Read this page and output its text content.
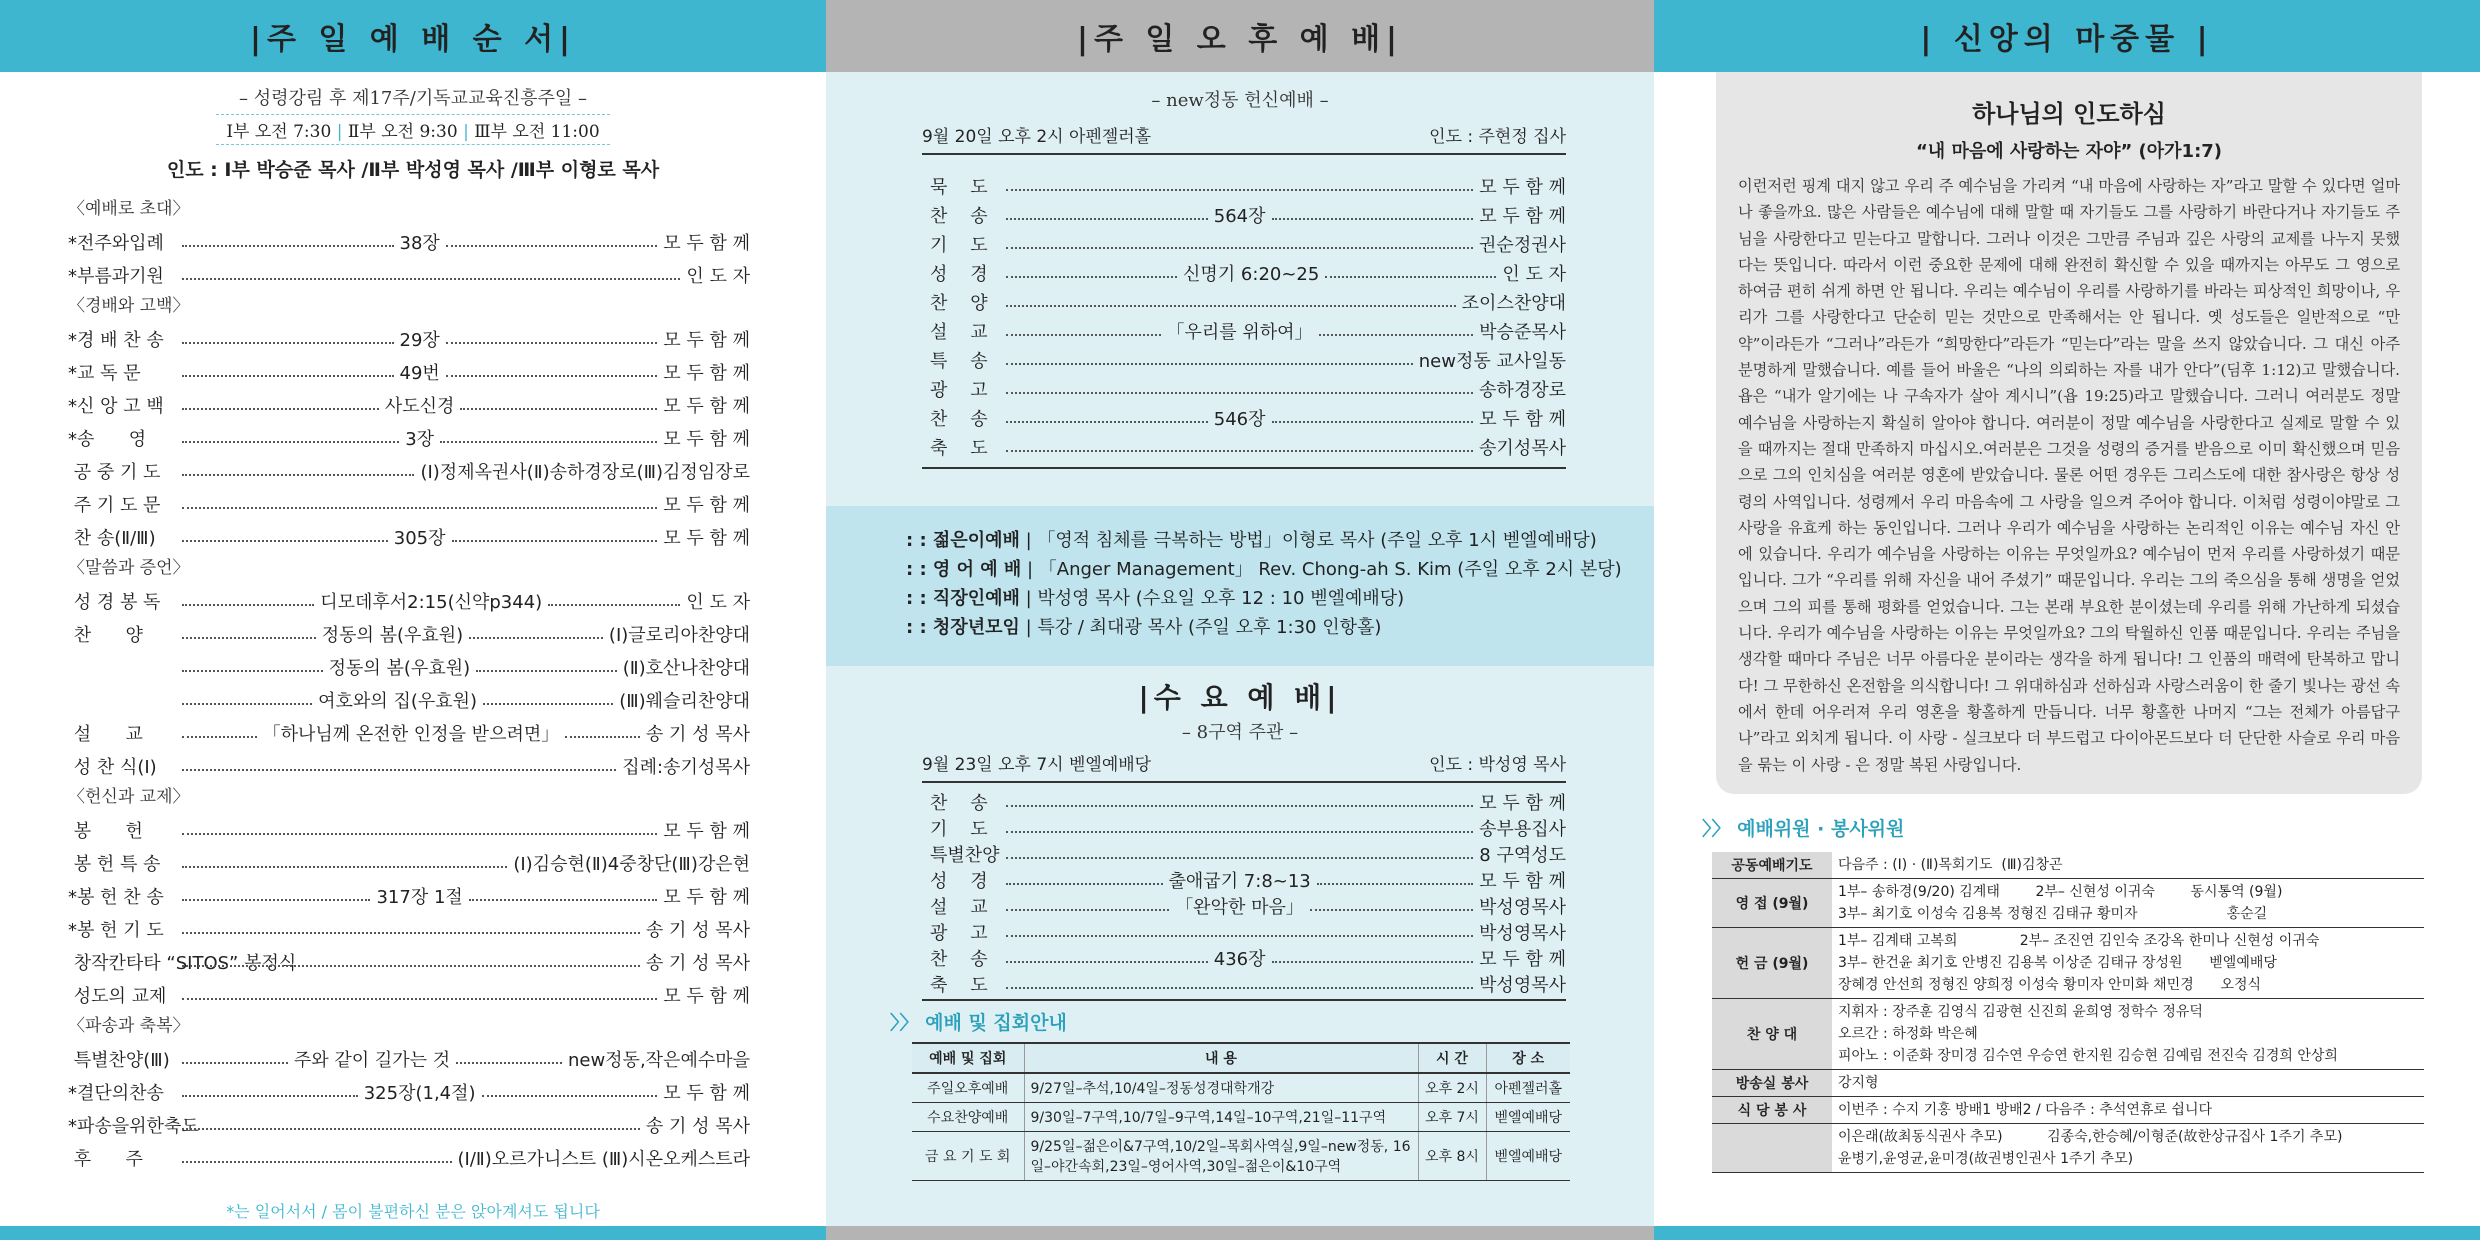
|주 일 예 배 순 서|
– 성령강림 후 제17주/기독교교육진흥주일 –
Ⅰ부 오전 7:30 | Ⅱ부 오전 9:30 | Ⅲ부 오전 11:00
인도 : Ⅰ부 박승준 목사 /Ⅱ부 박성영 목사 /Ⅲ부 이형로 목사
〈예배로 초대〉
*전주와입례	38장	모 두 함 께
*부름과기원	인 도 자
〈경배와 고백〉
*경 배 찬 송	29장	모 두 함 께
*교 독 문	49번	모 두 함 께
*신 앙 고 백	사도신경	모 두 함 께
*송      영	3장	모 두 함 께
공 중 기 도	(Ⅰ)정제옥권사(Ⅱ)송하경장로(Ⅲ)김정임장로
주 기 도 문	모 두 함 께
찬 송(Ⅱ/Ⅲ)	305장	모 두 함 께
〈말씀과 증언〉
성 경 봉 독	디모데후서2:15(신약p344)	인 도 자
찬      양	정동의 봄(우효원)	(Ⅰ)글로리아찬양대
정동의 봄(우효원)	(Ⅱ)호산나찬양대
여호와의 집(우효원)	(Ⅲ)웨슬리찬양대
설      교	「하나님께 온전한 인정을 받으려면」	송 기 성 목사
성 찬 식(Ⅰ)	집례:송기성목사
〈헌신과 교제〉
봉      헌	모 두 함 께
봉 헌 특 송	(Ⅰ)김승현(Ⅱ)4중창단(Ⅲ)강은현
*봉 헌 찬 송	317장 1절	모 두 함 께
*봉 헌 기 도	송 기 성 목사
창작칸타타 “SITOS” 봉정식	송 기 성 목사
성도의 교제	모 두 함 께
〈파송과 축복〉
특별찬양(Ⅲ)	주와 같이 길가는 것	new정동,작은예수마을
*결단의찬송	325장(1,4절)	모 두 함 께
*파송을위한축도	송 기 성 목사
후      주	(Ⅰ/Ⅱ)오르가니스트 (Ⅲ)시온오케스트라
*는 일어서서 / 몸이 불편하신 분은 앉아계셔도 됩니다
|주 일 오 후 예 배|
– new정동 헌신예배 –
9월 20일 오후 2시 아펜젤러홀	인도 : 주현정 집사
묵    도	모 두 함 께
찬    송	564장	모 두 함 께
기    도	권순정권사
성    경	신명기 6:20~25	인 도 자
찬    양	조이스찬양대
설    교	「우리를 위하여」	박승준목사
특    송	new정동 교사일동
광    고	송하경장로
찬    송	546장	모 두 함 께
축    도	송기성목사
: : 젊은이예배 | 「영적 침체를 극복하는 방법」이형로 목사 (주일 오후 1시 벧엘예배당)
: : 영 어 예 배 | 「Anger Management」 Rev. Chong-ah S. Kim (주일 오후 2시 본당)
: : 직장인예배 | 박성영 목사 (수요일 오후 12 : 10 벧엘예배당)
: : 청장년모임 | 특강 / 최대광 목사 (주일 오후 1:30 인항홀)
|수 요 예 배|
– 8구역 주관 –
9월 23일 오후 7시 벧엘예배당	인도 : 박성영 목사
찬    송	모 두 함 께
기    도	송부용집사
특별찬양	8 구역성도
성    경	출애굽기 7:8~13	모 두 함 께
설    교	「완악한 마음」	박성영목사
광    고	박성영목사
찬    송	436장	모 두 함 께
축    도	박성영목사
〉〉 예배 및 집회안내
예배 및 집회	내 용	시 간	장 소
주일오후예배	9/27일–추석,10/4일–정동성경대학개강	오후 2시	아펜젤러홀
수요찬양예배	9/30일–7구역,10/7일–9구역,14일–10구역,21일–11구역	오후 7시	벧엘예배당
금 요 기 도 회	9/25일–젊은이&7구역,10/2일–목회사역실,9일–new정동, 16일–야간속회,23일–영어사역,30일–젊은이&10구역	오후 8시	벧엘예배당
| 신앙의 마중물 |
하나님의 인도하심
“내 마음에 사랑하는 자야” (아가1:7)

이런저런 핑계 대지 않고 우리 주 예수님을 가리켜 “내 마음에 사랑하는 자”라고 말할 수 있다면 얼마나 좋을까요. 많은 사람들은 예수님에 대해 말할 때 자기들도 그를 사랑하기 바란다거나 자기들도 주님을 사랑한다고 믿는다고 말합니다. 그러나 이것은 그만큼 주님과 깊은 사랑의 교제를 나누지 못했다는 뜻입니다. 따라서 이런 중요한 문제에 대해 완전히 확신할 수 있을 때까지는 아무도 그 영으로 하여금 편히 쉬게 하면 안 됩니다. 우리는 예수님이 우리를 사랑하기를 바라는 피상적인 희망이나, 우리가 그를 사랑한다고 단순히 믿는 것만으로 만족해서는 안 됩니다. 옛 성도들은 일반적으로 “만약”이라든가 “그러나”라든가 “희망한다”라든가 “믿는다”라는 말을 쓰지 않았습니다. 그 대신 아주 분명하게 말했습니다. 예를 들어 바울은 “나의 의뢰하는 자를 내가 안다”(딤후 1:12)고 말했습니다. 욥은 “내가 알기에는 나 구속자가 살아 계시니”(욥 19:25)라고 말했습니다. 그러니 여러분도 정말 예수님을 사랑하는지 확실히 알아야 합니다. 여러분이 정말 예수님을 사랑한다고 실제로 말할 수 있을 때까지는 절대 만족하지 마십시오.여러분은 그것을 성령의 증거를 받음으로 이미 확신했으며 믿음으로 그의 인치심을 여러분 영혼에 받았습니다. 물론 어떤 경우든 그리스도에 대한 참사랑은 항상 성령의 사역입니다. 성령께서 우리 마음속에 그 사랑을 일으켜 주어야 합니다. 이처럼 성령이야말로 그 사랑을 유효케 하는 동인입니다. 그러나 우리가 예수님을 사랑하는 논리적인 이유는 예수님 자신 안에 있습니다. 우리가 예수님을 사랑하는 이유는 무엇일까요? 예수님이 먼저 우리를 사랑하셨기 때문입니다. 그가 “우리를 위해 자신을 내어 주셨기” 때문입니다. 우리는 그의 죽으심을 통해 생명을 얻었으며 그의 피를 통해 평화를 얻었습니다. 그는 본래 부요한 분이셨는데 우리를 위해 가난하게 되셨습니다. 우리가 예수님을 사랑하는 이유는 무엇일까요? 그의 탁월하신 인품 때문입니다. 우리는 주님을 생각할 때마다 주님은 너무 아름다운 분이라는 생각을 하게 됩니다! 그 인품의 매력에 탄복하고 맙니다! 그 무한하신 온전함을 의식합니다! 그 위대하심과 선하심과 사랑스러움이 한 줄기 빛나는 광선 속에서 한데 어우러져 우리 영혼을 황홀하게 만듭니다. 너무 황홀한 나머지 “그는 전체가 아름답구나”라고 외치게 됩니다. 이 사랑 - 실크보다 더 부드럽고 다이아몬드보다 더 단단한 사슬로 우리 마음을 묶는 이 사랑 - 은 정말 복된 사랑입니다.

〉〉 예배위원 · 봉사위원
공동예배기도	다음주 : (Ⅰ) · (Ⅱ)목회기도  (Ⅲ)김창곤

영 접 (9월)	1부– 송하경(9/20) 김계태        2부– 신현성 이귀숙        동시통역 (9월)
3부– 최기호 이성숙 김용복 정형진 김태규 황미자                    홍순길

헌 금 (9월)	1부– 김계태 고복희              2부– 조진연 김인숙 조강옥 한미나 신현성 이귀숙
3부– 한건윤 최기호 안병진 김용복 이상준 김태규 장성원      벧엘예배당
장혜경 안선희 정형진 양희정 이성숙 황미자 안미화 채민경      오정식

찬 양 대	지휘자 : 장주훈 김영식 김광현 신진희 윤희영 정학수 정유덕
오르간 : 하정화 박은혜
피아노 : 이준화 장미경 김수연 우승연 한지원 김승현 김예림 전진숙 김경희 안상희

방송실 봉사	강지형

식 당 봉 사	이번주 : 수지 기홍 방배1 방배2 / 다음주 : 추석연휴로 쉽니다

	이은래(故최동식권사 추모)          김종숙,한승혜/이형준(故한상규집사 1주기 추모)
윤병기,윤영균,윤미경(故권병인권사 1주기 추모)
